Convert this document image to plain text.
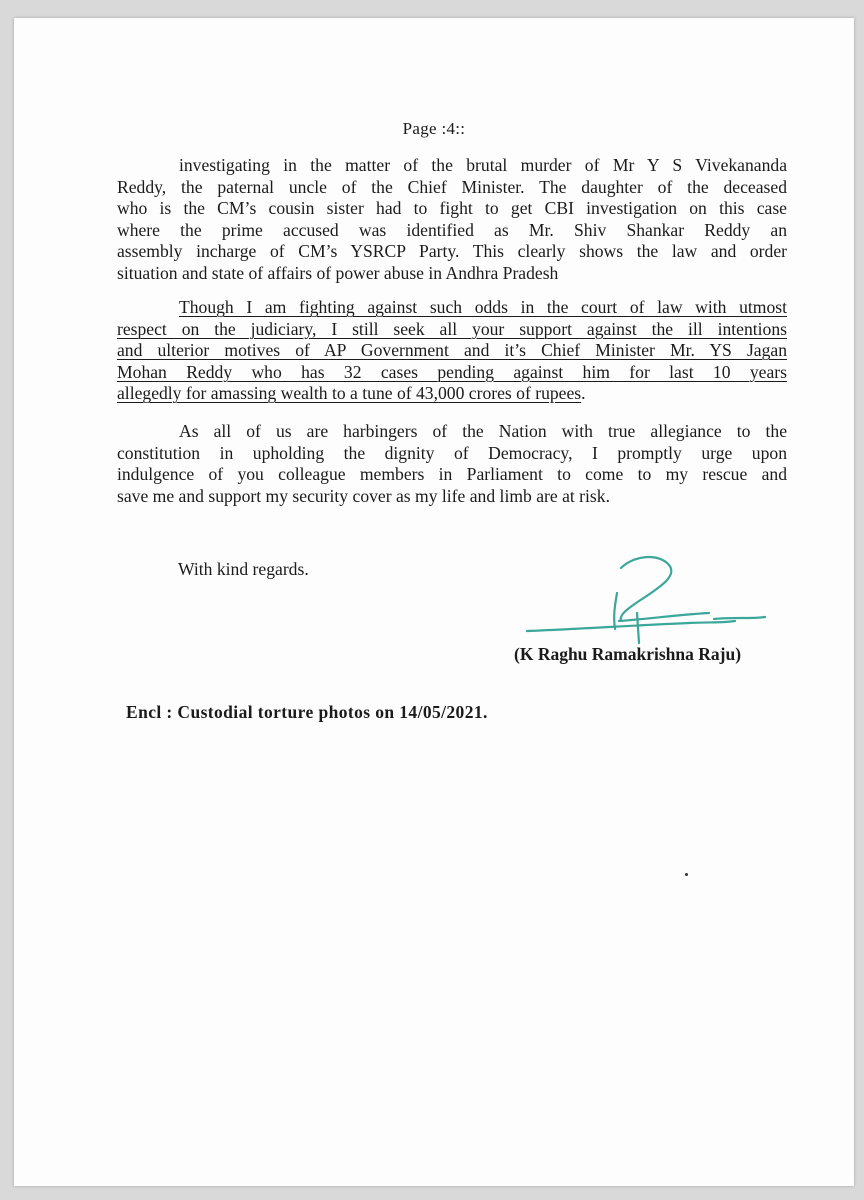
Page :4::
investigating in the matter of the brutal murder of Mr Y S Vivekananda
Reddy, the paternal uncle of the Chief Minister. The daughter of the deceased
who is the CM’s cousin sister had to fight to get CBI investigation on this case
where the prime accused was identified as Mr. Shiv Shankar Reddy an
assembly incharge of CM’s YSRCP Party. This clearly shows the law and order
situation and state of affairs of power abuse in Andhra Pradesh
Though I am fighting against such odds in the court of law with utmost
respect on the judiciary, I still seek all your support against the ill intentions
and ulterior motives of AP Government and it’s Chief Minister Mr. YS Jagan
Mohan Reddy who has 32 cases pending against him for last 10 years
allegedly for amassing wealth to a tune of 43,000 crores of rupees.
As all of us are harbingers of the Nation with true allegiance to the
constitution in upholding the dignity of Democracy, I promptly urge upon
indulgence of you colleague members in Parliament to come to my rescue and
save me and support my security cover as my life and limb are at risk.
With kind regards.
(K Raghu Ramakrishna Raju)
Encl : Custodial torture photos on 14/05/2021.
